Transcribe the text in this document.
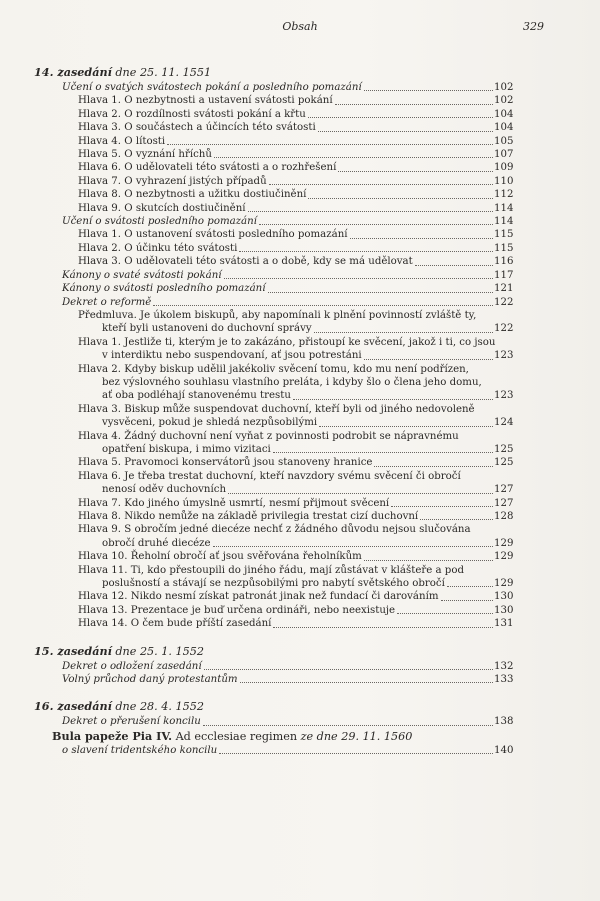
Obsah	329
14. zasedání dne 25. 11. 1551
Učení o svatých svátostech pokání a posledního pomazání	102
Hlava 1. O nezbytnosti a ustavení svátosti pokání	102
Hlava 2. O rozdílnosti svátosti pokání a křtu	104
Hlava 3. O součástech a účincích této svátosti	104
Hlava 4. O lítosti	105
Hlava 5. O vyznání hříchů	107
Hlava 6. O udělovateli této svátosti a o rozhřešení	109
Hlava 7. O vyhrazení jistých případů	110
Hlava 8. O nezbytnosti a užitku dostiučinění	112
Hlava 9. O skutcích dostiučinění	114
Učení o svátosti posledního pomazání	114
Hlava 1. O ustanovení svátosti posledního pomazání	115
Hlava 2. O účinku této svátosti	115
Hlava 3. O udělovateli této svátosti a o době, kdy se má udělovat	116
Kánony o svaté svátosti pokání	117
Kánony o svátosti posledního pomazání	121
Dekret o reformě	122
Předmluva. Je úkolem biskupů, aby napomínali k plnění povinností zvláště ty,
kteří byli ustanoveni do duchovní správy	122
Hlava 1. Jestliže ti, kterým je to zakázáno, přistoupí ke svěcení, jakož i ti, co jsou
v interdiktu nebo suspendovaní, ať jsou potrestáni	123
Hlava 2. Kdyby biskup udělil jakékoliv svěcení tomu, kdo mu není podřízen,
bez výslovného souhlasu vlastního preláta, i kdyby šlo o člena jeho domu,
ať oba podléhají stanovenému trestu	123
Hlava 3. Biskup může suspendovat duchovní, kteří byli od jiného nedovoleně
vysvěceni, pokud je shledá nezpůsobilými	124
Hlava 4. Žádný duchovní není vyňat z povinnosti podrobit se nápravnému
opatření biskupa, i mimo vizitaci	125
Hlava 5. Pravomoci konservátorů jsou stanoveny hranice	125
Hlava 6. Je třeba trestat duchovní, kteří navzdory svému svěcení či obročí
nenosí oděv duchovních	127
Hlava 7. Kdo jiného úmyslně usmrtí, nesmí přijmout svěcení	127
Hlava 8. Nikdo nemůže na základě privilegia trestat cizí duchovní	128
Hlava 9. S obročím jedné diecéze nechť z žádného důvodu nejsou slučována
obročí druhé diecéze	129
Hlava 10. Řeholní obročí ať jsou svěřována řeholníkům	129
Hlava 11. Ti, kdo přestoupili do jiného řádu, mají zůstávat v klášteře a pod
poslušností a stávají se nezpůsobilými pro nabytí světského obročí	129
Hlava 12. Nikdo nesmí získat patronát jinak než fundací či darováním	130
Hlava 13. Prezentace je buď určena ordináři, nebo neexistuje	130
Hlava 14. O čem bude příští zasedání	131
15. zasedání dne 25. 1. 1552
Dekret o odložení zasedání	132
Volný průchod daný protestantům	133
16. zasedání dne 28. 4. 1552
Dekret o přerušení koncilu	138
Bula papeže Pia IV. Ad ecclesiae regimen ze dne 29. 11. 1560
o slavení tridentského koncilu	140
